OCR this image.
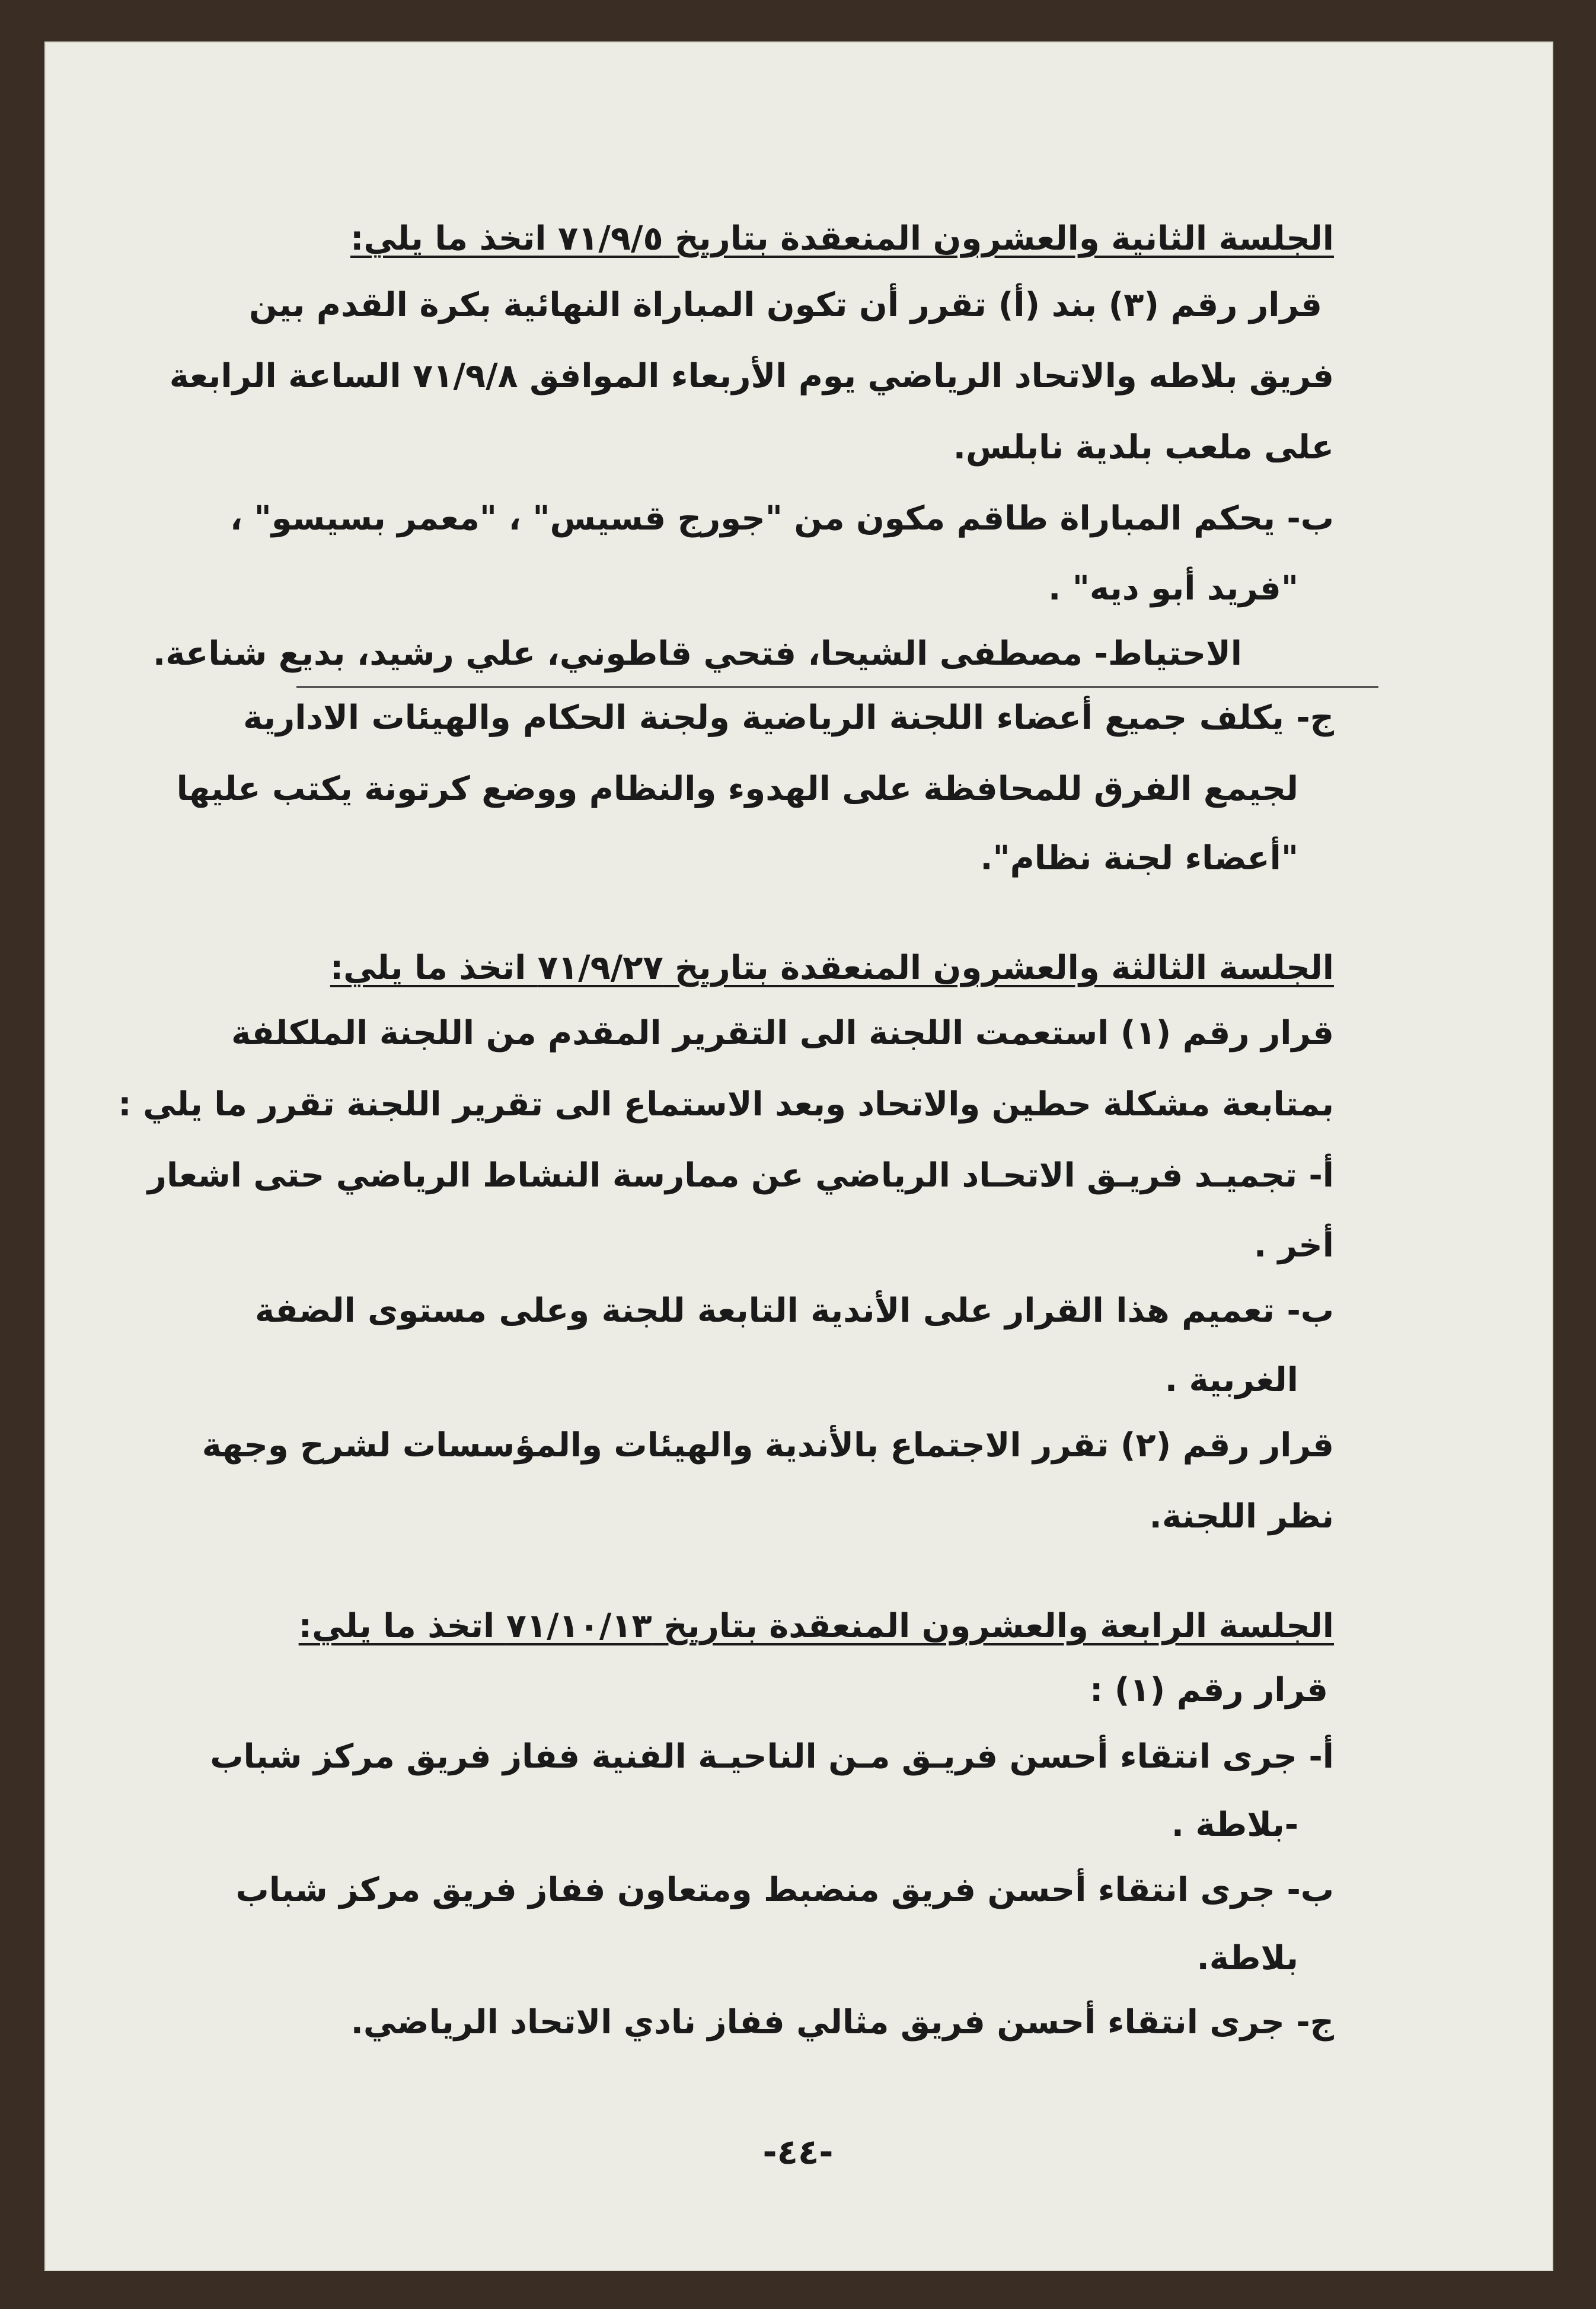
الجلسة الثانية والعشرون المنعقدة بتاريخ ٧١/٩/٥ اتخذ ما يلي:
قرار رقم (٣) بند (أ) تقرر أن تكون المباراة النهائية بكرة القدم بين
فريق بلاطه والاتحاد الرياضي يوم الأربعاء الموافق ٧١/٩/٨ الساعة الرابعة
على ملعب بلدية نابلس.
ب- يحكم المباراة طاقم مكون من "جورج قسيس" ، "معمر بسيسو" ،
"فريد أبو ديه" .
الاحتياط- مصطفى الشيحا، فتحي قاطوني، علي رشيد، بديع شناعة.
ج- يكلف جميع أعضاء اللجنة الرياضية ولجنة الحكام والهيئات الادارية
لجيمع الفرق للمحافظة على الهدوء والنظام ووضع كرتونة يكتب عليها
"أعضاء لجنة نظام".
الجلسة الثالثة والعشرون المنعقدة بتاريخ ٧١/٩/٢٧ اتخذ ما يلي:
قرار رقم (١) استعمت اللجنة الى التقرير المقدم من اللجنة الملكلفة
بمتابعة مشكلة حطين والاتحاد وبعد الاستماع الى تقرير اللجنة تقرر ما يلي :
أ- تجميـد فريـق الاتحـاد الرياضي عن ممارسة النشاط الرياضي حتى اشعار
أخر .
ب- تعميم هذا القرار على الأندية التابعة للجنة وعلى مستوى الضفة
الغربية .
قرار رقم (٢) تقرر الاجتماع بالأندية والهيئات والمؤسسات لشرح وجهة
نظر اللجنة.
الجلسة الرابعة والعشرون المنعقدة بتاريخ ٧١/١٠/١٣ اتخذ ما يلي:
قرار رقم (١) :
أ- جرى انتقاء أحسن فريـق مـن الناحيـة الفنية ففاز فريق مركز شباب
-بلاطة .
ب- جرى انتقاء أحسن فريق منضبط ومتعاون ففاز فريق مركز شباب
بلاطة.
ج- جرى انتقاء أحسن فريق مثالي ففاز نادي الاتحاد الرياضي.
-٤٤-
